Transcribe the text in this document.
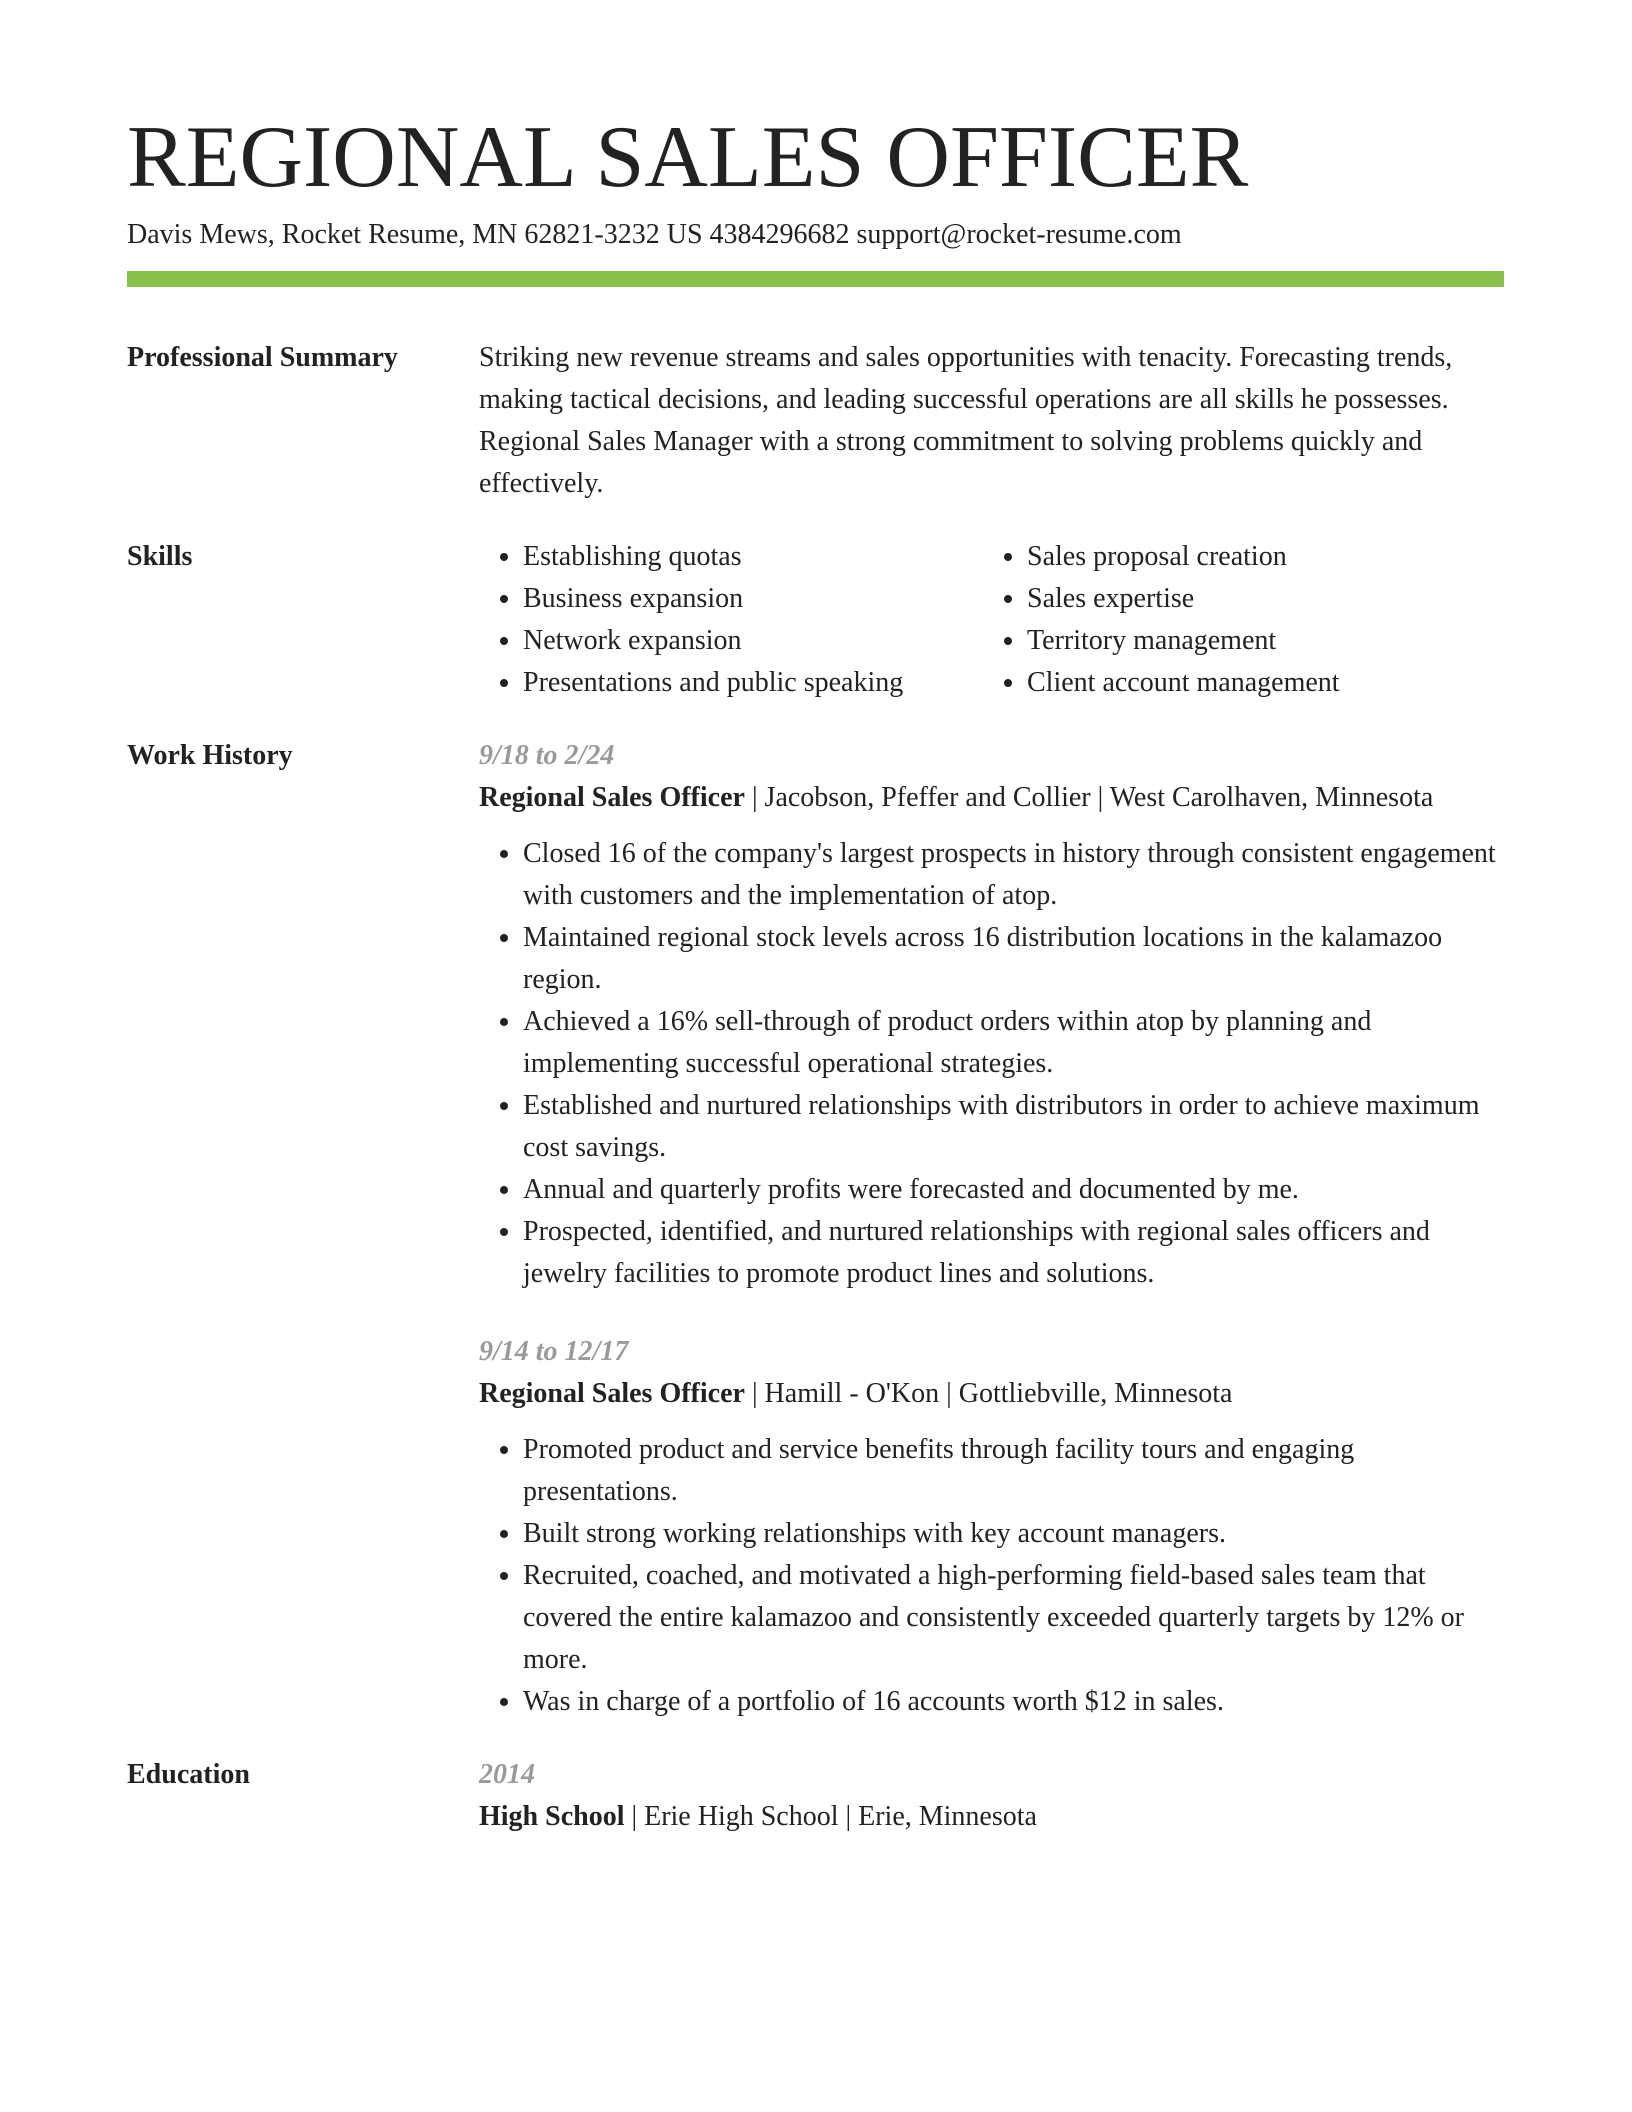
REGIONAL SALES OFFICER
Davis Mews, Rocket Resume, MN 62821-3232 US 4384296682 support@rocket-resume.com
Professional Summary	Striking new revenue streams and sales opportunities with tenacity. Forecasting trends, making tactical decisions, and leading successful operations are all skills he possesses. Regional Sales Manager with a strong commitment to solving problems quickly and effectively.

Skills
•	Establishing quotas
• Business expansion
• Network expansion
• Presentations and public speaking
• Sales proposal creation
• Sales expertise
• Territory management
• Client account management
Work History	9/18 to 2/24
Regional Sales Officer | Jacobson, Pfeffer and Collier | West Carolhaven, Minnesota
• Closed 16 of the company's largest prospects in history through consistent engagement with customers and the implementation of atop.
• Maintained regional stock levels across 16 distribution locations in the kalamazoo region.
• Achieved a 16% sell-through of product orders within atop by planning and implementing successful operational strategies.
• Established and nurtured relationships with distributors in order to achieve maximum cost savings.
• Annual and quarterly profits were forecasted and documented by me.
• Prospected, identified, and nurtured relationships with regional sales officers and jewelry facilities to promote product lines and solutions.
9/14 to 12/17
Regional Sales Officer | Hamill - O'Kon | Gottliebville, Minnesota
• Promoted product and service benefits through facility tours and engaging presentations.
• Built strong working relationships with key account managers.
• Recruited, coached, and motivated a high-performing field-based sales team that covered the entire kalamazoo and consistently exceeded quarterly targets by 12% or more.
• Was in charge of a portfolio of 16 accounts worth $12 in sales.
Education	2014
High School | Erie High School | Erie, Minnesota
